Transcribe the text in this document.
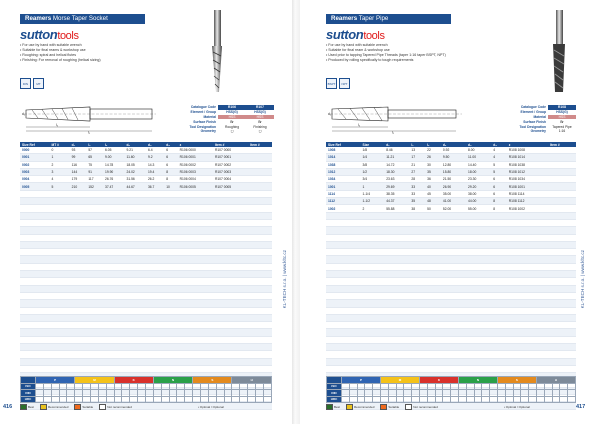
Reamers Morse Taper Socket
suttontools
• For use by hand with suitable wrench
• Suitable for final reams & workshop use
• Roughing: spiral and helical flutes
• Finishing: For removal of roughing (helical sizing)
DIN	MT
l₂
l₁
d₁
Catalogue Code	R106	R107
Element / Group	HSS(G)	HSS(G)
Material	HSS	HSS
Surface Finish	Br	Br
Tool Designation	Roughing	Finishing
Geometry	◻	◻
Size Ref	MT #	d₁	l₁	l₂	d₂	d₃	d₄	z	Item #	Item #
0000	0	93	57	6.05	9.21	6.4	6	R106 0000	R107 0000	
0001	1	99	65	9.00	11.60	9.2	6	R106 0001	R107 0001	
0002	2	116	75	14.78	18.05	14.3	6	R106 0002	R107 0002	
0003	3	144	91	19.90	24.02	19.4	8	R106 0003	R107 0003	
0004	4	179	117	26.76	31.56	26.2	8	R106 0004	R107 0004	
0005	5	210	152	37.47	44.67	36.7	10	R106 0005	R107 0005	

	P					M					K					N					S					H				
ISO																														
DIN																														
HRC																														
Best	Recommended	Suitable	Not recommended	• Optimal / Optional
416
KL-TECH s.r.o. | www.kltc.cz
Reamers Taper Pipe
suttontools
• For use by hand with suitable wrench
• Suitable for final ream & workshop use
• Used prior to tapping Tapered Pipe Threads (taper 1:16 taper BSPT, NPT)
• Produced by rolling specifically to tough requirements
BSPT	NPT
l₂
l₁
d₁
Catalogue Code	R108
Element / Group	HSS(G)
Material	HSS
Surface Finish	Br
Tool Designation	Tapered Pipe
Geometry	1:16
Size Ref	Size	d₁	l₁	l₂	d₂	d₃	d₄	z	Item #
1008	1/8	8.46	13	22	0.92	8.00	4	R108 1008	
1014	1/4	11.21	17	26	9.50	11.00	4	R108 1014	
1038	3/8	14.72	21	30	12.80	14.40	5	R108 1038	
1012	1/2	18.30	27	35	15.80	18.00	5	R108 1012	
1034	3/4	23.63	28	36	21.50	23.30	6	R108 1034	
1001	1	29.69	33	40	26.90	29.20	6	R108 1001	
1114	1-1/4	38.35	33	45	35.00	38.00	6	R108 1114	
1112	1-1/2	44.37	35	48	41.00	44.00	8	R108 1112	
1002	2	55.88	38	50	52.00	55.00	8	R108 1002	

	P					M					K					N					S					H				
ISO																														
DIN																														
HRC																														
Best	Recommended	Suitable	Not recommended	• Optimal / Optional	417
KL-TECH s.r.o. | www.kltc.cz
